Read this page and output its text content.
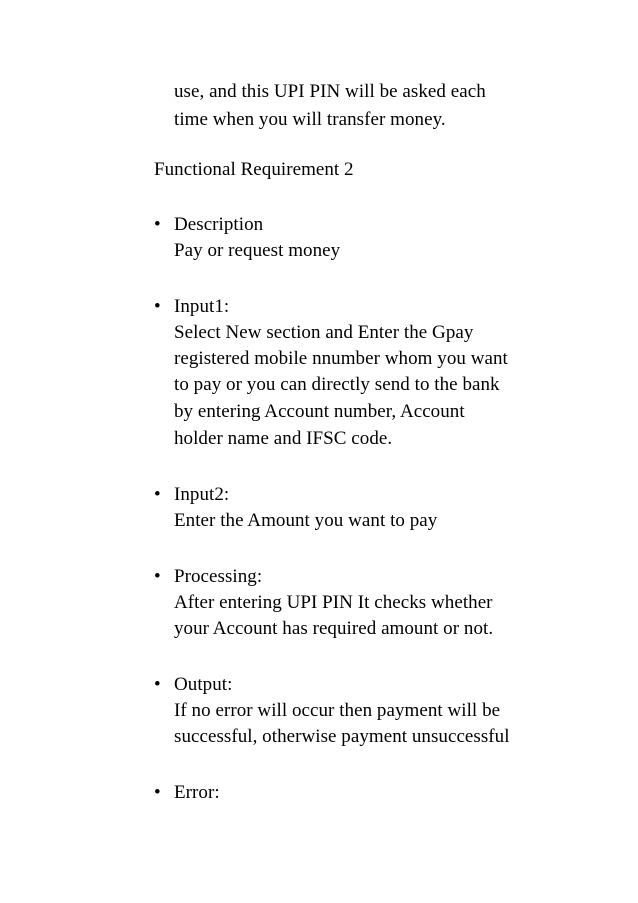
use, and this UPI PIN will be asked each
time when you will transfer money.
Functional Requirement 2
• Description
Pay or request money
• Input1:
Select New section and Enter the Gpay
registered mobile nnumber whom you want
to pay or you can directly send to the bank
by entering Account number, Account
holder name and IFSC code.
• Input2:
Enter the Amount you want to pay
• Processing:
After entering UPI PIN It checks whether
your Account has required amount or not.
• Output:
If no error will occur then payment will be
successful, otherwise payment unsuccessful
• Error:
